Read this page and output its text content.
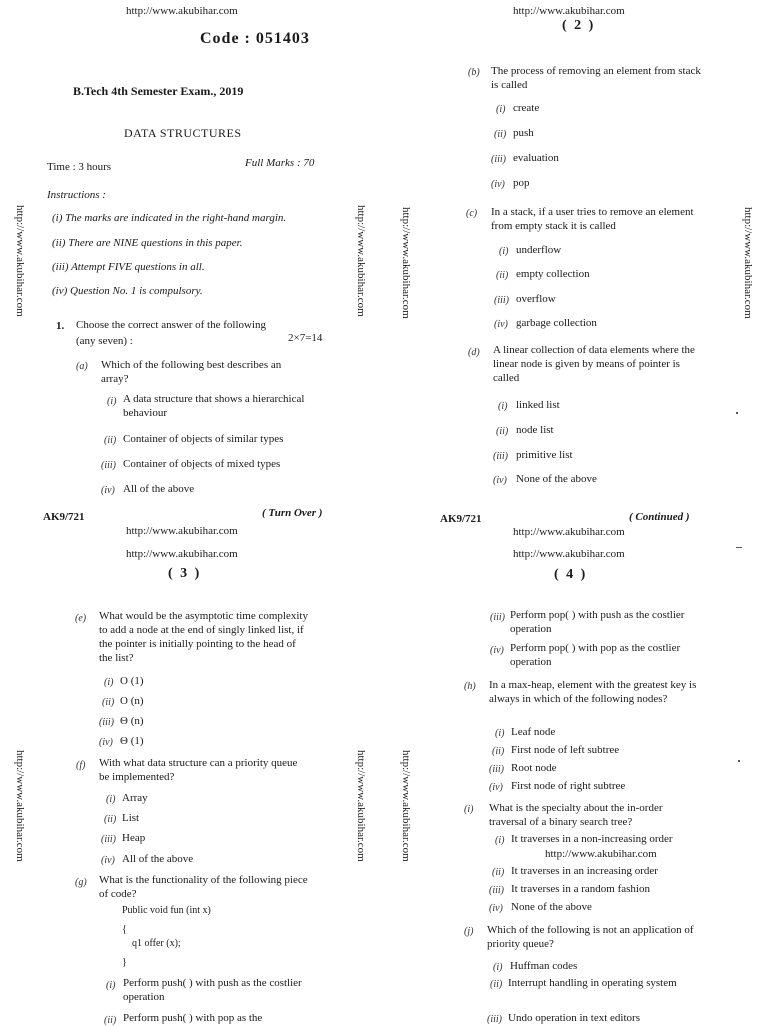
http://www.akubihar.com
Code : 051403
B.Tech 4th Semester Exam., 2019
DATA STRUCTURES
Time : 3 hours	Full Marks : 70
Instructions :
(i) The marks are indicated in the right-hand margin.
(ii) There are NINE questions in this paper.
(iii) Attempt FIVE questions in all.
(iv) Question No. 1 is compulsory.
1. Choose the correct answer of the following
(any seven) :	2×7=14
(a) Which of the following best describes an array?
(i) A data structure that shows a hierarchical behaviour
(ii) Container of objects of similar types
(iii) Container of objects of mixed types
(iv) All of the above
AK9/721	( Turn Over )
http://www.akubihar.com
( 2 )
(b) The process of removing an element from stack is called
(i) create
(ii) push
(iii) evaluation
(iv) pop
(c) In a stack, if a user tries to remove an element from empty stack it is called
(i) underflow
(ii) empty collection
(iii) overflow
(iv) garbage collection
(d) A linear collection of data elements where the linear node is given by means of pointer is called
(i) linked list
(ii) node list
(iii) primitive list
(iv) None of the above
AK9/721	( Continued )
http://www.akubihar.com
http://www.akubihar.com
( 3 )
(e) What would be the asymptotic time complexity to add a node at the end of singly linked list, if the pointer is initially pointing to the head of the list?
(i) O (1)
(ii) O (n)
(iii) Θ (n)
(iv) Θ (1)
(f) With what data structure can a priority queue be implemented?
(i) Array
(ii) List
(iii) Heap
(iv) All of the above
(g) What is the functionality of the following piece of code?
Public void fun (int x)
{
q1 offer (x);
}
(i) Perform push( ) with push as the costlier operation
(ii) Perform push( ) with pop as the
http://www.akubihar.com
http://www.akubihar.com
( 4 )
(iii) Perform pop( ) with push as the costlier operation
(iv) Perform pop( ) with pop as the costlier operation
(h) In a max-heap, element with the greatest key is always in which of the following nodes?
(i) Leaf node
(ii) First node of left subtree
(iii) Root node
(iv) First node of right subtree
(i) What is the specialty about the in-order traversal of a binary search tree?
(i) It traverses in a non-increasing order
http://www.akubihar.com
(ii) It traverses in an increasing order
(iii) It traverses in a random fashion
(iv) None of the above
(j) Which of the following is not an application of priority queue?
(i) Huffman codes
(ii) Interrupt handling in operating system
(iii) Undo operation in text editors
http://www.akubihar.com	http://www.akubihar.com	http://www.akubihar.com	http://www.akubihar.com
http://www.akubihar.com	http://www.akubihar.com	http://www.akubihar.com
